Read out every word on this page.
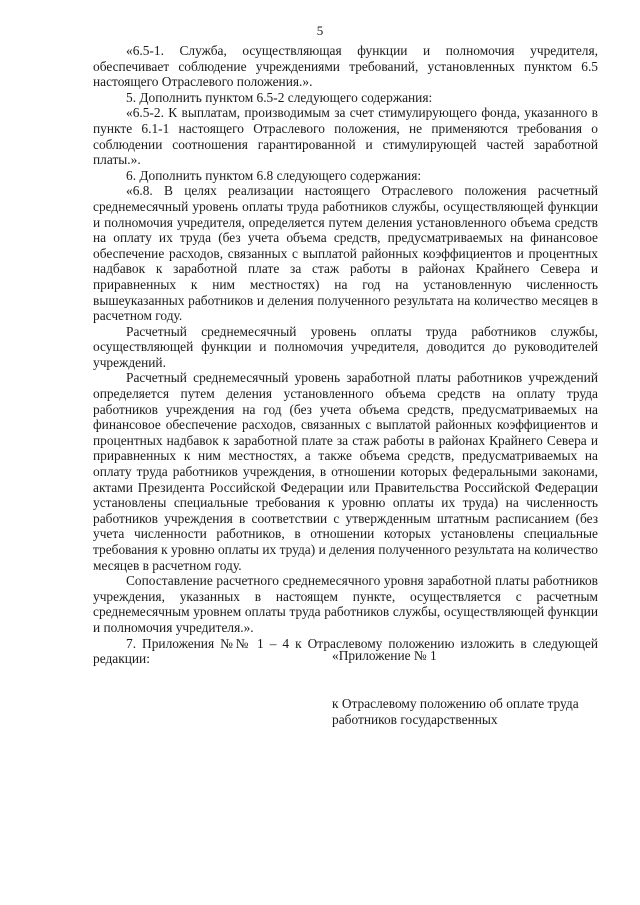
5

«6.5-1. Служба, осуществляющая функции и полномочия учредителя, обеспечивает соблюдение учреждениями требований, установленных пунктом 6.5 настоящего Отраслевого положения.».

5. Дополнить пунктом 6.5-2 следующего содержания:

«6.5-2. К выплатам, производимым за счет стимулирующего фонда, указанного в пункте 6.1-1 настоящего Отраслевого положения, не применяются требования о соблюдении соотношения гарантированной и стимулирующей частей заработной платы.».

6. Дополнить пунктом 6.8 следующего содержания:

«6.8. В целях реализации настоящего Отраслевого положения расчетный среднемесячный уровень оплаты труда работников службы, осуществляющей функции и полномочия учредителя, определяется путем деления установленного объема средств на оплату их труда (без учета объема средств, предусматриваемых на финансовое обеспечение расходов, связанных с выплатой районных коэффициентов и процентных надбавок к заработной плате за стаж работы в районах Крайнего Севера и приравненных к ним местностях) на год на установленную численность вышеуказанных работников и деления полученного результата на количество месяцев в расчетном году.

Расчетный среднемесячный уровень оплаты труда работников службы, осуществляющей функции и полномочия учредителя, доводится до руководителей учреждений.

Расчетный среднемесячный уровень заработной платы работников учреждений определяется путем деления установленного объема средств на оплату труда работников учреждения на год (без учета объема средств, предусматриваемых на финансовое обеспечение расходов, связанных с выплатой районных коэффициентов и процентных надбавок к заработной плате за стаж работы в районах Крайнего Севера и приравненных к ним местностях, а также объема средств, предусматриваемых на оплату труда работников учреждения, в отношении которых федеральными законами, актами Президента Российской Федерации или Правительства Российской Федерации установлены специальные требования к уровню оплаты их труда) на численность работников учреждения в соответствии с утвержденным штатным расписанием (без учета численности работников, в отношении которых установлены специальные требования к уровню оплаты их труда) и деления полученного результата на количество месяцев в расчетном году.

Сопоставление расчетного среднемесячного уровня заработной платы работников учреждения, указанных в настоящем пункте, осуществляется с расчетным среднемесячным уровнем оплаты труда работников службы, осуществляющей функции и полномочия учредителя.».

7. Приложения №№ 1 – 4 к Отраслевому положению изложить в следующей редакции:	«Приложение № 1

к Отраслевому положению об оплате труда работников государственных
